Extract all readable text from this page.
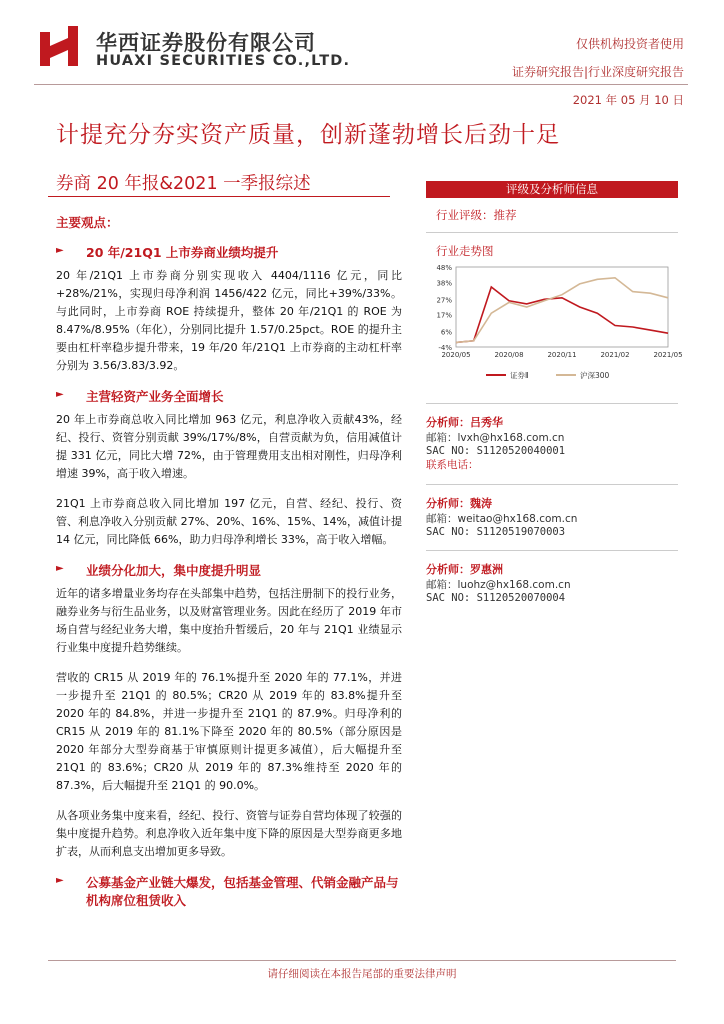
华西证券股份有限公司
HUAXI SECURITIES CO.,LTD.
仅供机构投资者使用
证券研究报告|行业深度研究报告
2021 年 05 月 10 日
计提充分夯实资产质量，创新蓬勃增长后劲十足
券商 20 年报&2021 一季报综述
主要观点：
►	20 年/21Q1 上市券商业绩均提升

20 年/21Q1 上市券商分别实现收入 4404/1116 亿元，同比+28%/21%，实现归母净利润 1456/422 亿元，同比+39%/33%。与此同时，上市券商 ROE 持续提升，整体 20 年/21Q1 的 ROE 为 8.47%/8.95%（年化），分别同比提升 1.57/0.25pct。ROE 的提升主要由杠杆率稳步提升带来，19 年/20 年/21Q1 上市券商的主动杠杆率分别为 3.56/3.83/3.92。

►	主营轻资产业务全面增长

20 年上市券商总收入同比增加 963 亿元，利息净收入贡献43%，经纪、投行、资管分别贡献 39%/17%/8%，自营贡献为负，信用减值计提 331 亿元，同比大增 72%，由于管理费用支出相对刚性，归母净利增速 39%，高于收入增速。

21Q1 上市券商总收入同比增加 197 亿元，自营、经纪、投行、资管、利息净收入分别贡献 27%、20%、16%、15%、14%，减值计提 14 亿元，同比降低 66%，助力归母净利增长 33%，高于收入增幅。

►	业绩分化加大，集中度提升明显

近年的诸多增量业务均存在头部集中趋势，包括注册制下的投行业务，融券业务与衍生品业务，以及财富管理业务。因此在经历了 2019 年市场自营与经纪业务大增，集中度抬升暂缓后，20 年与 21Q1 业绩显示行业集中度提升趋势继续。

营收的 CR15 从 2019 年的 76.1%提升至 2020 年的 77.1%，并进一步提升至 21Q1 的 80.5%；CR20 从 2019 年的 83.8%提升至 2020 年的 84.8%，并进一步提升至 21Q1 的 87.9%。归母净利的 CR15 从 2019 年的 81.1%下降至 2020 年的 80.5%（部分原因是 2020 年部分大型券商基于审慎原则计提更多减值），后大幅提升至 21Q1 的 83.6%；CR20 从 2019 年的 87.3%维持至 2020 年的 87.3%，后大幅提升至 21Q1 的 90.0%。

从各项业务集中度来看，经纪、投行、资管与证券自营均体现了较强的集中度提升趋势。利息净收入近年集中度下降的原因是大型券商更多地扩表，从而利息支出增加更多导致。

►	公募基金产业链大爆发，包括基金管理、代销金融产品与机构席位租赁收入
评级及分析师信息
行业评级：推荐
行业走势图
48%
38%
27%
17%
6%
-4%
2020/05	2020/08	2020/11	2021/02	2021/05
证券Ⅱ	沪深300
分析师：吕秀华
邮箱：lvxh@hx168.com.cn
SAC NO: S1120520040001
联系电话：
分析师：魏涛
邮箱：weitao@hx168.com.cn
SAC NO: S1120519070003
分析师：罗惠洲
邮箱：luohz@hx168.com.cn
SAC NO: S1120520070004
请仔细阅读在本报告尾部的重要法律声明
